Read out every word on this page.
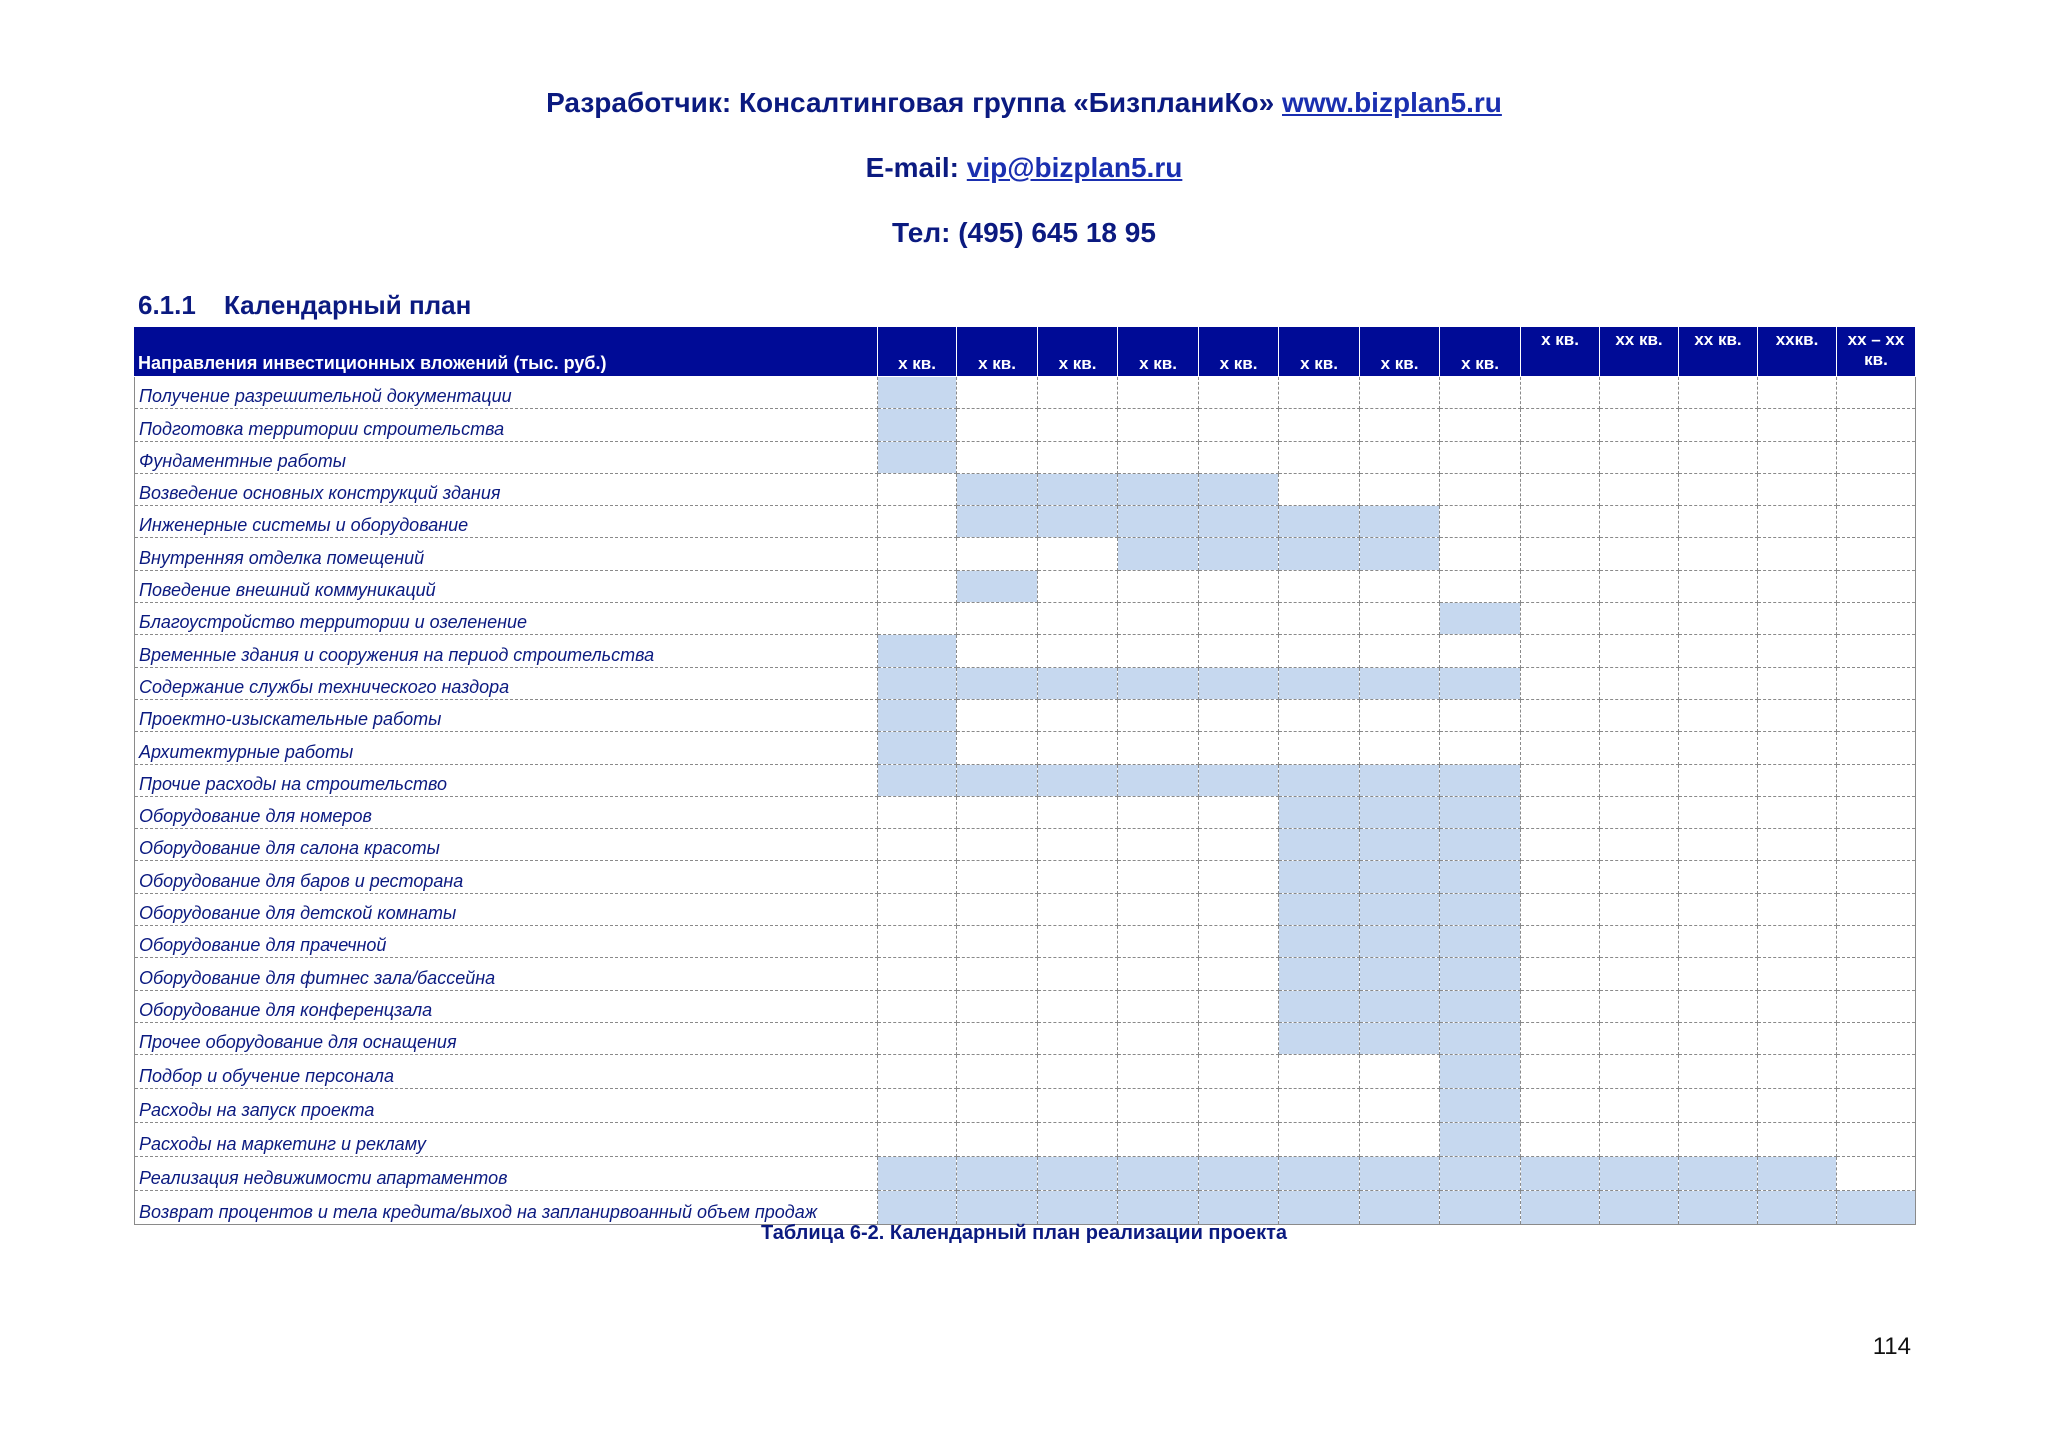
Разработчик: Консалтинговая группа «БизпланиКо» www.bizplan5.ru
E-mail: vip@bizplan5.ru
Тел: (495) 645 18 95
6.1.1 Календарный план
Направления инвестиционных вложений (тыс. руб.)	х кв.	х кв.	х кв.	х кв.	х кв.	х кв.	х кв.	х кв.	х кв.	хх кв.	хх кв.	ххкв.	хх – хх кв.
Получение разрешительной документации													
Подготовка территории строительства													
Фундаментные работы													
Возведение основных конструкций здания													
Инженерные системы и оборудование													
Внутренняя отделка помещений													
Поведение внешний коммуникаций													
Благоустройство территории и озеленение													
Временные здания и сооружения на период строительства													
Содержание службы технического наздора													
Проектно-изыскательные работы													
Архитектурные работы													
Прочие расходы на строительство													
Оборудование для номеров													
Оборудование для салона красоты													
Оборудование для баров и ресторана													
Оборудование для детской комнаты													
Оборудование для прачечной													
Оборудование для фитнес зала/бассейна													
Оборудование для конференцзала													
Прочее оборудование для оснащения													
Подбор и обучение персонала													
Расходы на запуск проекта													
Расходы на маркетинг и рекламу													
Реализация недвижимости апартаментов													
Возврат процентов и тела кредита/выход на запланирвоанный объем продаж													
Таблица 6-2. Календарный план реализации проекта
114
